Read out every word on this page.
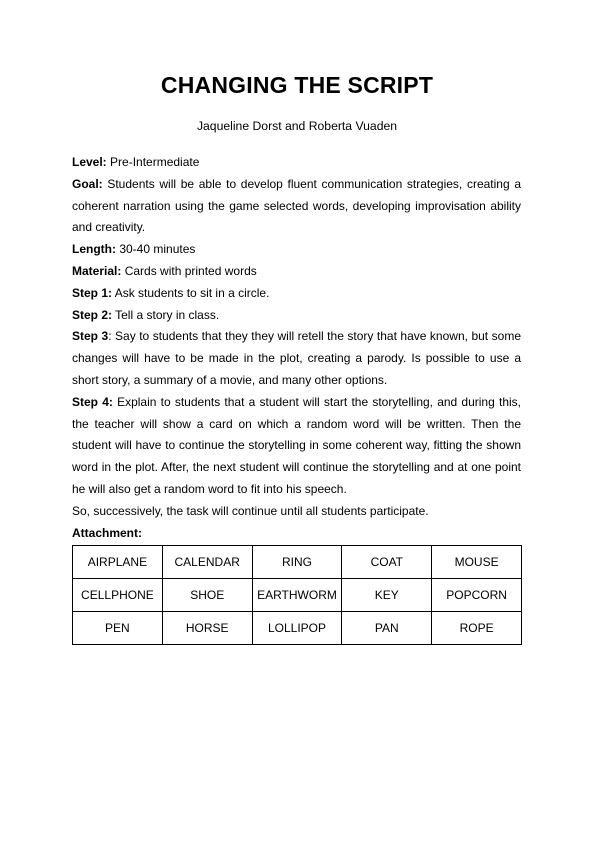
CHANGING THE SCRIPT
Jaqueline Dorst and Roberta Vuaden

Level: Pre-Intermediate

Goal: Students will be able to develop fluent communication strategies, creating a coherent narration using the game selected words, developing improvisation ability and creativity.

Length: 30-40 minutes

Material: Cards with printed words

Step 1: Ask students to sit in a circle.

Step 2: Tell a story in class.

Step 3: Say to students that they they will retell the story that have known, but some changes will have to be made in the plot, creating a parody. Is possible to use a short story, a summary of a movie, and many other options.

Step 4: Explain to students that a student will start the storytelling, and during this, the teacher will show a card on which a random word will be written. Then the student will have to continue the storytelling in some coherent way, fitting the shown word in the plot. After, the next student will continue the storytelling and at one point he will also get a random word to fit into his speech.

So, successively, the task will continue until all students participate.

Attachment:

AIRPLANE	CALENDAR	RING	COAT	MOUSE
CELLPHONE	SHOE	EARTHWORM	KEY	POPCORN
PEN	HORSE	LOLLIPOP	PAN	ROPE
